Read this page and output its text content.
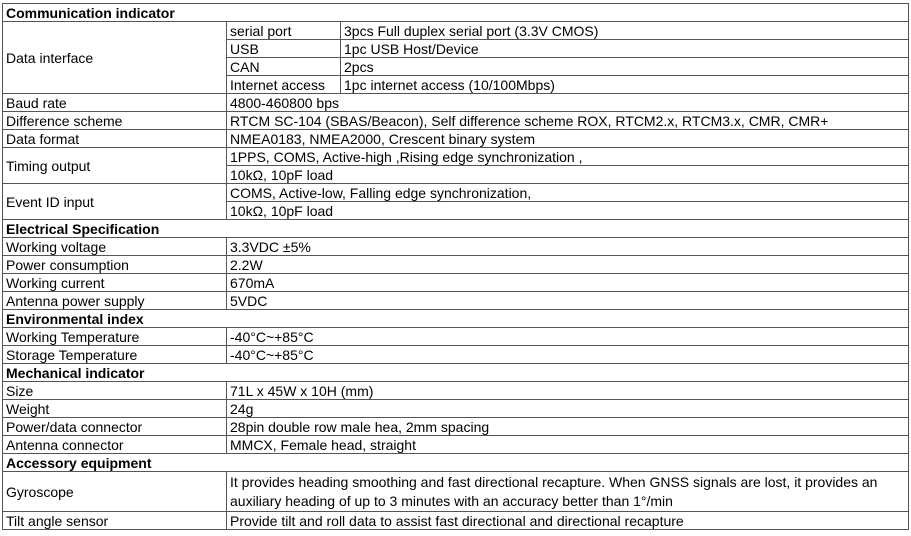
Communication indicator		
Data interface	serial port	3pcs Full duplex serial port (3.3V CMOS)
	USB	1pc USB Host/Device
	CAN	2pcs
	Internet access	1pc internet access (10/100Mbps)
Baud rate	4800-460800 bps	
Difference scheme	RTCM SC-104 (SBAS/Beacon), Self difference scheme ROX, RTCM2.x, RTCM3.x, CMR, CMR+	
Data format	NMEA0183, NMEA2000, Crescent binary system	
Timing output	1PPS, COMS, Active-high ,Rising edge synchronization ,	
	10kΩ, 10pF load	
Event ID input	COMS, Active-low, Falling edge synchronization,	
	10kΩ, 10pF load	
Electrical Specification		
Working voltage	3.3VDC ±5%	
Power consumption	2.2W	
Working current	670mA	
Antenna power supply	5VDC	
Environmental index		
Working Temperature	-40°C~+85°C	
Storage Temperature	-40°C~+85°C	
Mechanical indicator		
Size	71L x 45W x 10H (mm)	
Weight	24g	
Power/data connector	28pin double row male hea, 2mm spacing	
Antenna connector	MMCX, Female head, straight	
Accessory equipment		
Gyroscope	It provides heading smoothing and fast directional recapture. When GNSS signals are lost, it provides an auxiliary heading of up to 3 minutes with an accuracy better than 1°/min	
Tilt angle sensor	Provide tilt and roll data to assist fast directional and directional recapture	
